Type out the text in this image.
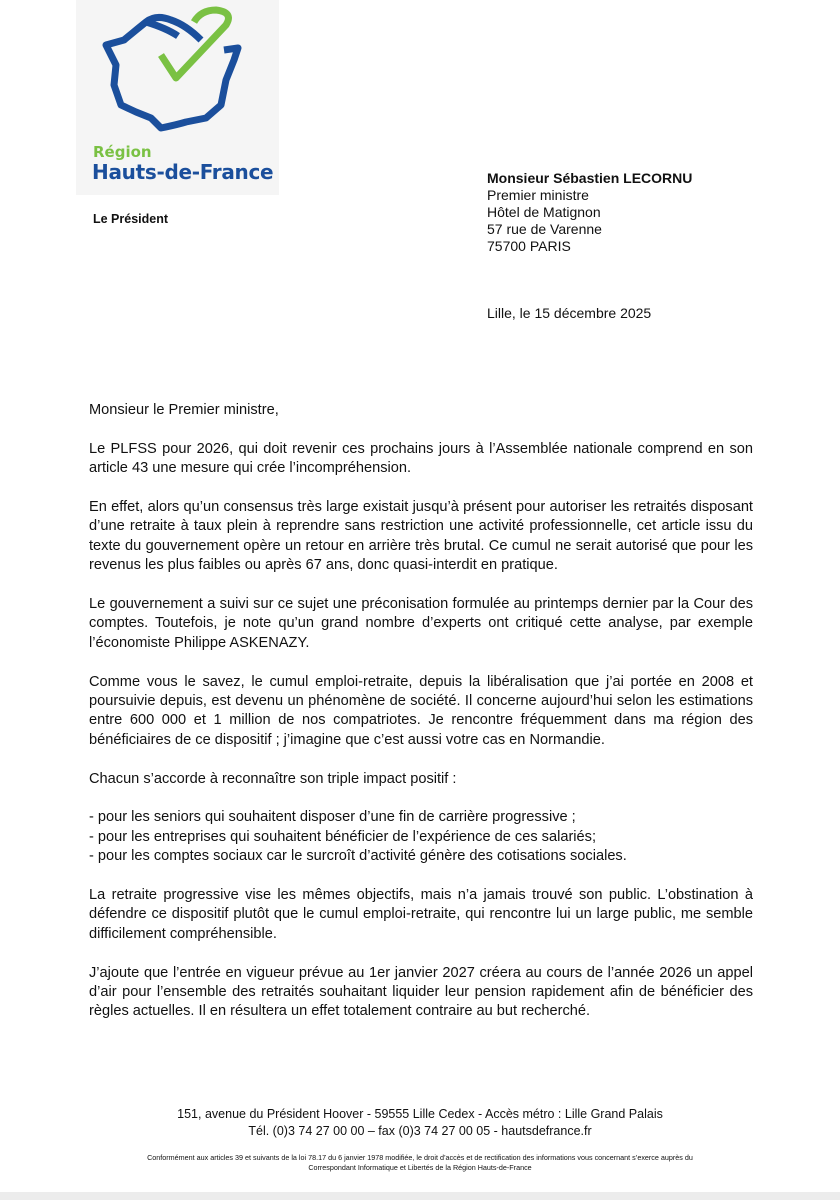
Région
Hauts-de-France
Le Président
Monsieur Sébastien LECORNU
Premier ministre
Hôtel de Matignon
57 rue de Varenne
75700 PARIS
Lille, le 15 décembre 2025

Monsieur le Premier ministre,

Le PLFSS pour 2026, qui doit revenir ces prochains jours à l’Assemblée nationale comprend en son article 43 une mesure qui crée l’incompréhension.

En effet, alors qu’un consensus très large existait jusqu’à présent pour autoriser les retraités disposant d’une retraite à taux plein à reprendre sans restriction une activité professionnelle, cet article issu du texte du gouvernement opère un retour en arrière très brutal. Ce cumul ne serait autorisé que pour les revenus les plus faibles ou après 67 ans, donc quasi-interdit en pratique.

Le gouvernement a suivi sur ce sujet une préconisation formulée au printemps dernier par la Cour des comptes. Toutefois, je note qu’un grand nombre d’experts ont critiqué cette analyse, par exemple l’économiste Philippe ASKENAZY.

Comme vous le savez, le cumul emploi-retraite, depuis la libéralisation que j’ai portée en 2008 et poursuivie depuis, est devenu un phénomène de société. Il concerne aujourd’hui selon les estimations entre 600 000 et 1 million de nos compatriotes. Je rencontre fréquemment dans ma région des bénéficiaires de ce dispositif ; j’imagine que c’est aussi votre cas en Normandie.

Chacun s’accorde à reconnaître son triple impact positif :

- pour les seniors qui souhaitent disposer d’une fin de carrière progressive ;
- pour les entreprises qui souhaitent bénéficier de l’expérience de ces salariés;
- pour les comptes sociaux car le surcroît d’activité génère des cotisations sociales.

La retraite progressive vise les mêmes objectifs, mais n’a jamais trouvé son public. L’obstination à défendre ce dispositif plutôt que le cumul emploi-retraite, qui rencontre lui un large public, me semble difficilement compréhensible.

J’ajoute que l’entrée en vigueur prévue au 1er janvier 2027 créera au cours de l’année 2026 un appel d’air pour l’ensemble des retraités souhaitant liquider leur pension rapidement afin de bénéficier des règles actuelles. Il en résultera un effet totalement contraire au but recherché.

151, avenue du Président Hoover - 59555 Lille Cedex - Accès métro : Lille Grand Palais
Tél. (0)3 74 27 00 00 – fax (0)3 74 27 00 05 - hautsdefrance.fr
Conformément aux articles 39 et suivants de la loi 78.17 du 6 janvier 1978 modifiée, le droit d’accès et de rectification des informations vous concernant s’exerce auprès du
Correspondant Informatique et Libertés de la Région Hauts-de-France
